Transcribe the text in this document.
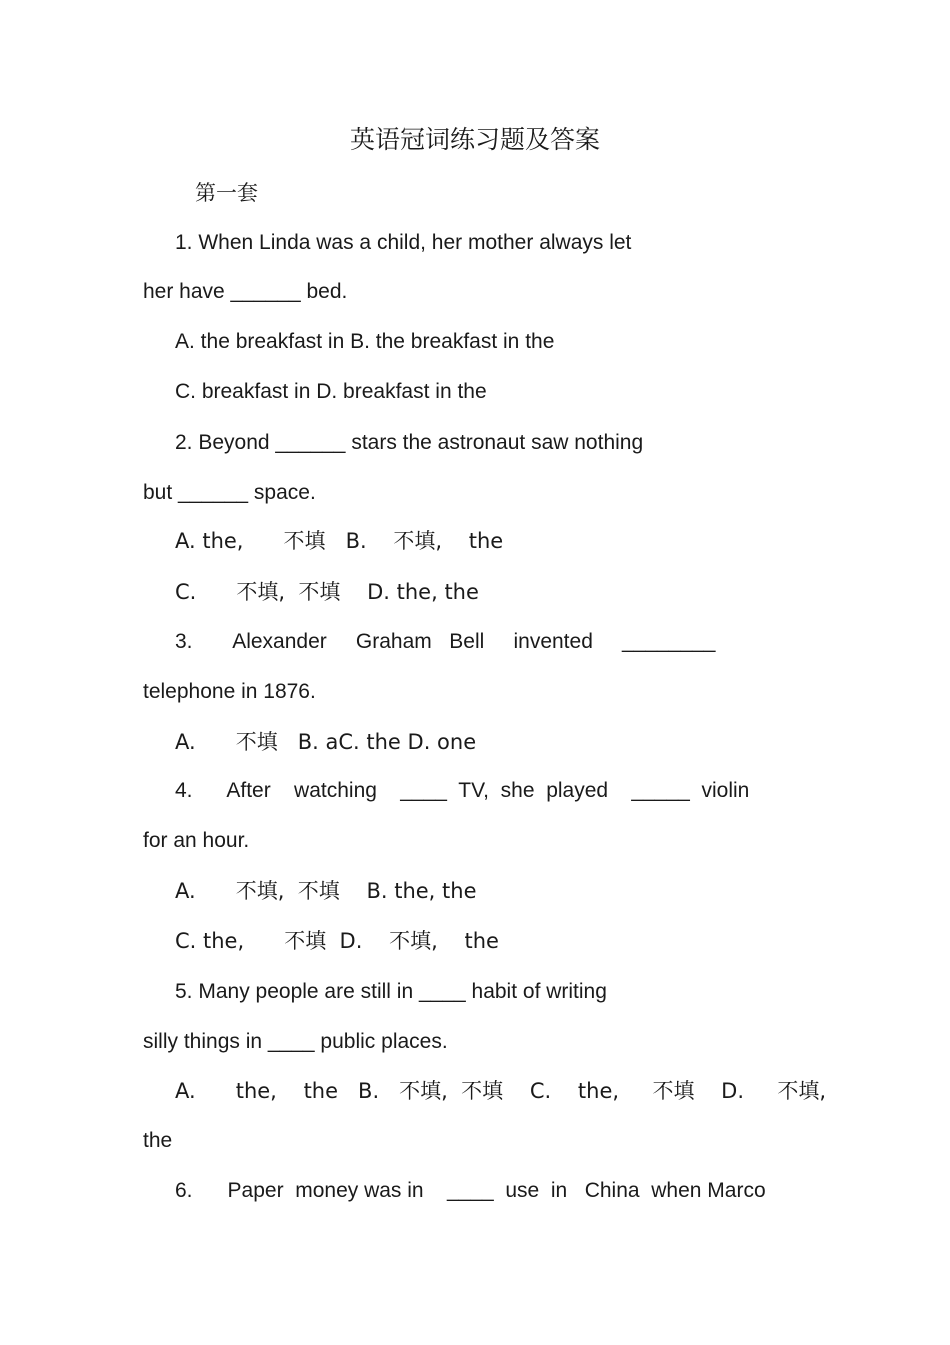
英语冠词练习题及答案
第一套
1. When Linda was a child, her mother always let
her have ______ bed.
A. the breakfast in B. the breakfast in the
C. breakfast in D. breakfast in the
2. Beyond ______ stars the astronaut saw nothing
but ______ space.
A. the,      不填   B.    不填,    the
C.      不填,  不填    D. the, the
3.       Alexander     Graham   Bell     invented     ________
telephone in 1876.
A.      不填   B. aC. the D. one
4.      After    watching    ____  TV,  she  played    _____  violin
for an hour.
A.      不填,  不填    B. the, the
C. the,      不填  D.    不填,    the
5. Many people are still in ____ habit of writing
silly things in ____ public places.
A.      the,    the   B.   不填,  不填    C.    the,     不填    D.     不填,
the
6.      Paper  money was in    ____  use  in   China  when Marco
